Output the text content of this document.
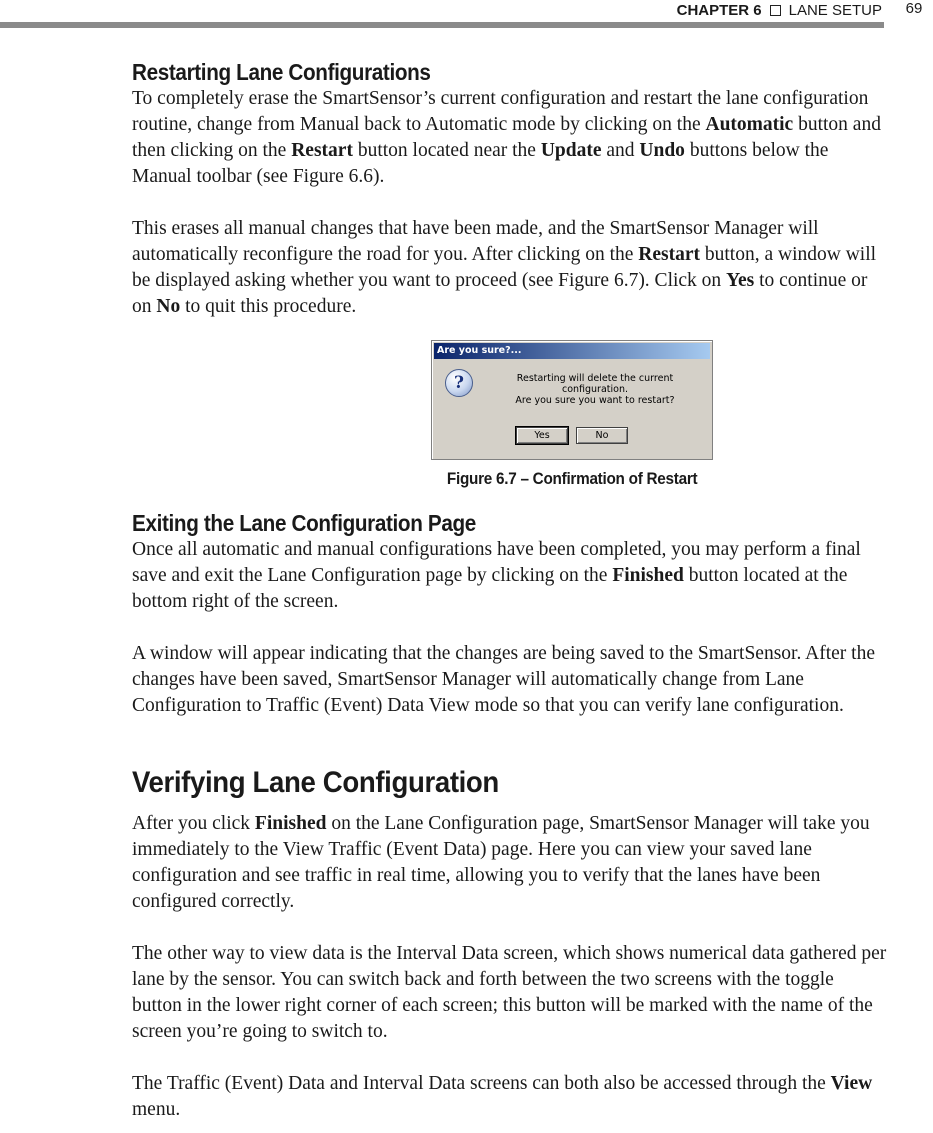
CHAPTER 6 LANE SETUP	69
Restarting Lane Configurations

To completely erase the SmartSensor’s current configuration and restart the lane configuration routine, change from Manual back to Automatic mode by clicking on the Automatic button and then clicking on the Restart button located near the Update and Undo buttons below the Manual toolbar (see Figure 6.6).

This erases all manual changes that have been made, and the SmartSensor Manager will automatically reconfigure the road for you. After clicking on the Restart button, a window will be displayed asking whether you want to proceed (see Figure 6.7). Click on Yes to continue or on No to quit this procedure.

Are you sure?...
?	Restarting will delete the current configuration.
Are you sure you want to restart?
Yes	No
Figure 6.7 – Confirmation of Restart
Exiting the Lane Configuration Page

Once all automatic and manual configurations have been completed, you may perform a final save and exit the Lane Configuration page by clicking on the Finished button located at the bottom right of the screen.

A window will appear indicating that the changes are being saved to the SmartSensor. After the changes have been saved, SmartSensor Manager will automatically change from Lane Configuration to Traffic (Event) Data View mode so that you can verify lane configuration.

Verifying Lane Configuration

After you click Finished on the Lane Configuration page, SmartSensor Manager will take you immediately to the View Traffic (Event Data) page. Here you can view your saved lane configuration and see traffic in real time, allowing you to verify that the lanes have been configured correctly.

The other way to view data is the Interval Data screen, which shows numerical data gathered per lane by the sensor. You can switch back and forth between the two screens with the toggle button in the lower right corner of each screen; this button will be marked with the name of the screen you’re going to switch to.

The Traffic (Event) Data and Interval Data screens can both also be accessed through the View menu.
